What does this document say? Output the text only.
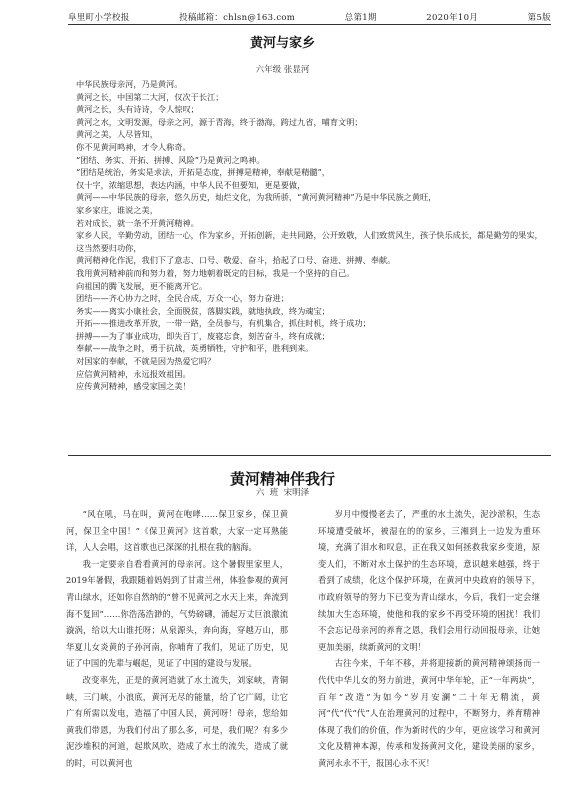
阜里町小学校报	投稿邮箱：chlsn@163.com	总第1期	2020年10月	第5版
黄河与家乡
六年级 张显河
中华民族母亲河，乃是黄河。
黄河之长，中国第二大河，仅次于长江；
黄河之长，头有诗诗，令人惊叹；
黄河之水，文明发源，母亲之河，源于青海，终于渤海，跨过九省，哺育文明；
黄河之美，人尽皆知，
你不见黄河鸣神，才令人称奇。
“团结、务实、开拓、拼搏、风险”乃是黄河之鸣神。
“团结是统治，务实是求法，开拓是态度，拼搏是精神，奉献是精髓”，
仅十字，浓缩思想，表达内涵，中华人民不但要知，更是要做，
黄河——中华民族的母亲，悠久历史，灿烂文化，为我所骄，“黄河黄河精神”乃是中华民族之黄旺，
家乡家庄，谁说之美，
若对成长，就一条不开黄河精神。
家乡人民，辛勤劳动，团结一心，作为家乡，开拓创新，走共同路，公开致敬，人们致赏风生，孩子快乐成长，都是勤劳的果实，这当然要归功你，
黄河精神化作泥，我们下了意志、口号、敬爱、奋斗，拾起了口号、奋进、拼搏、奉献。
我用黄河精神前而和努力着，努力地朝着既定的目标，我是一个坚持的自己。
向祖国的腾飞发展，更不能离开它。
团结——齐心协力之时，全民合成，万众一心，努力奋进；
务实——离实小康社会，全面脱贫，落脚实践，就地执政，终为魂宝；
开拓——推进改革开放，一带一路，全员参与，有机集合，抓住时机，终于成功；
拼搏——为了事业成功，即失百丁，废寝忘食，刻苦奋斗，终有成就；
奉献——战争之时，勇于抗战，英勇牺牲，守护和平，胜利到来。
对国家的奉献，不就是因为热爱它吗？
应信黄河精神，永远报效祖国。
应传黄河精神，感受家国之美！
黄河精神伴我行
六  班  宋明泽

“风在吼，马在叫，黄河在咆哮……保卫家乡，保卫黄河，保卫全中国！”《保卫黄河》这首歌，大家一定耳熟能详，人人会唱，这首歌也已深深的扎根在我的脑海。

我一定要亲自看看黄河的母亲河。这个暑假里家里人，2019年暑假，我跟随着妈妈到了甘肃兰州，体验参观的黄河青山绿水，还如你自然纳的“曾不见黄河之水天上来，奔流到海不复回”……你浩荡浩渺的，气势磅礴，涌起万丈巨浪激流漩涡，给以大山谁托呀；从泉源头，奔向海，穿越万山，那华夏儿女炎黄的子孙河南，你哺育了我们，见证了历史，见证了中国的先辈与崛起，见证了中国的建设与发展。

改变率先，正是的黄河造就了水土流失，刘家峡，青铜峡，三门峡，小浪底，黄河无尽的能量，给了它广阔，让它广有所需以发电，造福了中国人民，黄河呀！母亲，您给如黄我们带恩，为我们付出了那么多，可是，我们呢？有多少泥沙堆积的河道，起欺风吹，造成了水土的流失，造成了就的时，可以黄河也

岁月中慢慢老去了，严重的水土流失，泥沙淤积，生态环境遭受破坏，被湿在的的家乡，三湘到上一边发为重环境，充满了泪水和叹息，正在我又如何拯救我家乡变道，原变人们，不断对水土保护的生态环境，意识越来越强，终于看到了成绩，化这个保护环境，在黄河中央政府的领导下，市政府领导的努力下已变为青山绿水，今后，我们一定会继续加大生态环境，使他和我的家乡不再受环境的困扰！我们不会忘记母亲河的养育之恩，我们会用行动回报母亲，让她更加美丽，续新黄河的文明！

古往今来，千年不移，并将迎接新的黄河精神颂扬而一代代中华儿女的努力前进，黄河中华年轮，正“一年两块”，百年“改造”为如今“岁月安澜”二十年无精流，黄河“代”代“代”人在治理黄河的过程中，不断努力，养育精神体现了我们的价值，作为新时代的少年，更应该学习和黄河文化及精神本源，传承和发扬黄河文化，建设美丽的家乡，黄河永永不干，报国心永不灭！
